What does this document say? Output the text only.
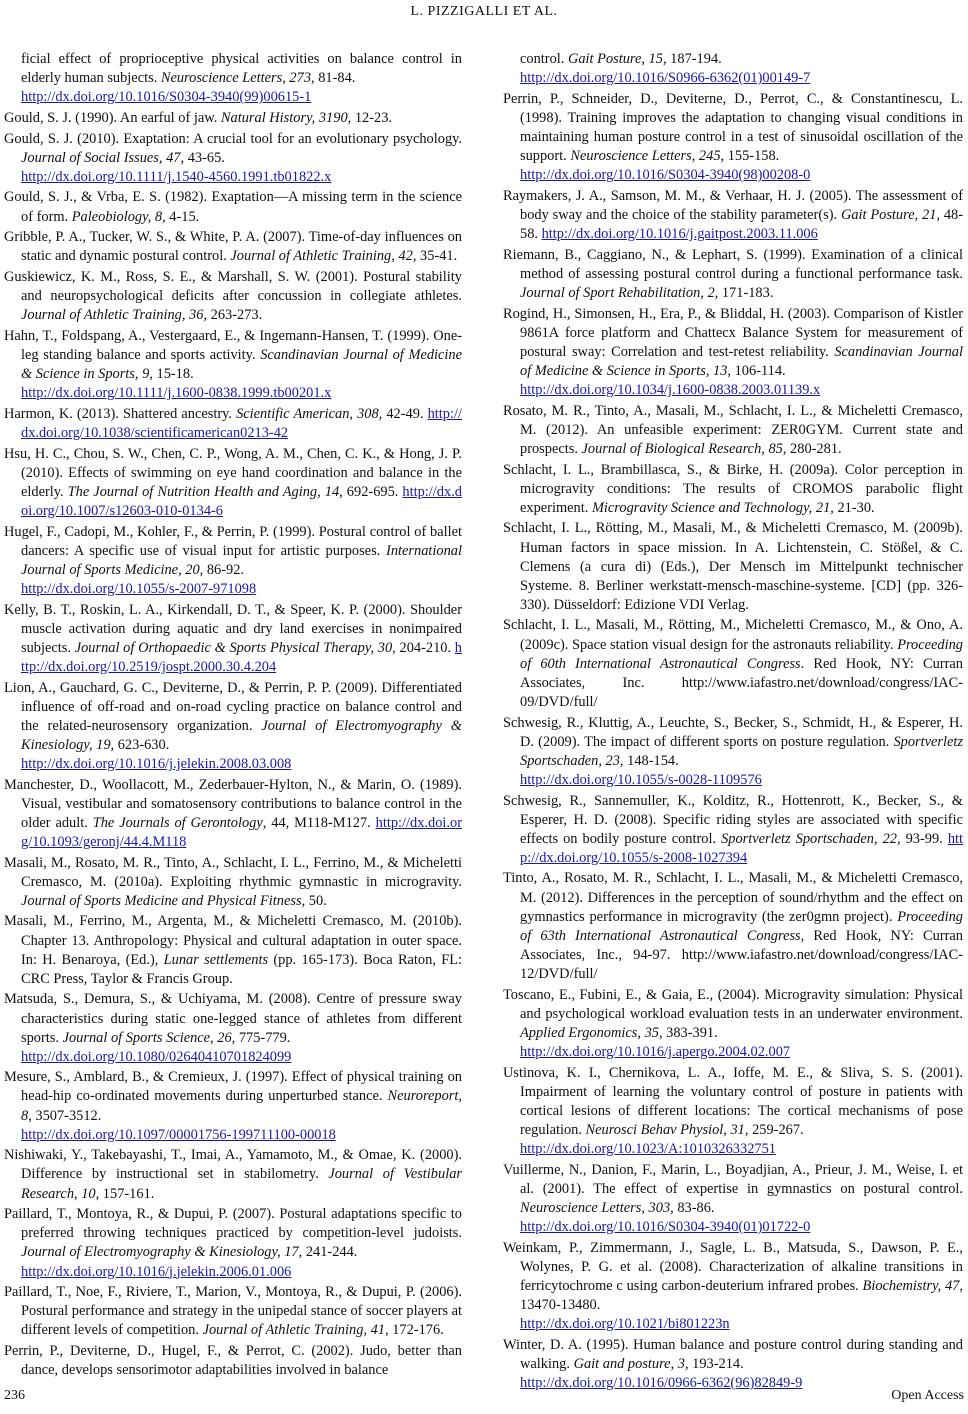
L. PIZZIGALLI ET AL.

ficial effect of proprioceptive physical activities on balance control in elderly human subjects. Neuroscience Letters, 273, 81-84.
http://dx.doi.org/10.1016/S0304-3940(99)00615-1

Gould, S. J. (1990). An earful of jaw. Natural History, 3190, 12-23.

Gould, S. J. (2010). Exaptation: A crucial tool for an evolutionary psychology. Journal of Social Issues, 47, 43-65.
http://dx.doi.org/10.1111/j.1540-4560.1991.tb01822.x

Gould, S. J., & Vrba, E. S. (1982). Exaptation—A missing term in the science of form. Paleobiology, 8, 4-15.

Gribble, P. A., Tucker, W. S., & White, P. A. (2007). Time-of-day influences on static and dynamic postural control. Journal of Athletic Training, 42, 35-41.

Guskiewicz, K. M., Ross, S. E., & Marshall, S. W. (2001). Postural stability and neuropsychological deficits after concussion in collegiate athletes. Journal of Athletic Training, 36, 263-273.

Hahn, T., Foldspang, A., Vestergaard, E., & Ingemann-Hansen, T. (1999). One-leg standing balance and sports activity. Scandinavian Journal of Medicine & Science in Sports, 9, 15-18.
http://dx.doi.org/10.1111/j.1600-0838.1999.tb00201.x

Harmon, K. (2013). Shattered ancestry. Scientific American, 308, 42-49. http://dx.doi.org/10.1038/scientificamerican0213-42

Hsu, H. C., Chou, S. W., Chen, C. P., Wong, A. M., Chen, C. K., & Hong, J. P. (2010). Effects of swimming on eye hand coordination and balance in the elderly. The Journal of Nutrition Health and Aging, 14, 692-695. http://dx.doi.org/10.1007/s12603-010-0134-6

Hugel, F., Cadopi, M., Kohler, F., & Perrin, P. (1999). Postural control of ballet dancers: A specific use of visual input for artistic purposes. International Journal of Sports Medicine, 20, 86-92.
http://dx.doi.org/10.1055/s-2007-971098

Kelly, B. T., Roskin, L. A., Kirkendall, D. T., & Speer, K. P. (2000). Shoulder muscle activation during aquatic and dry land exercises in nonimpaired subjects. Journal of Orthopaedic & Sports Physical Therapy, 30, 204-210. http://dx.doi.org/10.2519/jospt.2000.30.4.204

Lion, A., Gauchard, G. C., Deviterne, D., & Perrin, P. P. (2009). Differentiated influence of off-road and on-road cycling practice on balance control and the related-neurosensory organization. Journal of Electromyography & Kinesiology, 19, 623-630.
http://dx.doi.org/10.1016/j.jelekin.2008.03.008

Manchester, D., Woollacott, M., Zederbauer-Hylton, N., & Marin, O. (1989). Visual, vestibular and somatosensory contributions to balance control in the older adult. The Journals of Gerontology, 44, M118-M127. http://dx.doi.org/10.1093/geronj/44.4.M118

Masali, M., Rosato, M. R., Tinto, A., Schlacht, I. L., Ferrino, M., & Micheletti Cremasco, M. (2010a). Exploiting rhythmic gymnastic in microgravity. Journal of Sports Medicine and Physical Fitness, 50.

Masali, M., Ferrino, M., Argenta, M., & Micheletti Cremasco, M. (2010b). Chapter 13. Anthropology: Physical and cultural adaptation in outer space. In: H. Benaroya, (Ed.), Lunar settlements (pp. 165-173). Boca Raton, FL: CRC Press, Taylor & Francis Group.

Matsuda, S., Demura, S., & Uchiyama, M. (2008). Centre of pressure sway characteristics during static one-legged stance of athletes from different sports. Journal of Sports Science, 26, 775-779.
http://dx.doi.org/10.1080/02640410701824099

Mesure, S., Amblard, B., & Cremieux, J. (1997). Effect of physical training on head-hip co-ordinated movements during unperturbed stance. Neuroreport, 8, 3507-3512.
http://dx.doi.org/10.1097/00001756-199711100-00018

Nishiwaki, Y., Takebayashi, T., Imai, A., Yamamoto, M., & Omae, K. (2000). Difference by instructional set in stabilometry. Journal of Vestibular Research, 10, 157-161.

Paillard, T., Montoya, R., & Dupui, P. (2007). Postural adaptations specific to preferred throwing techniques practiced by competition-level judoists. Journal of Electromyography & Kinesiology, 17, 241-244.
http://dx.doi.org/10.1016/j.jelekin.2006.01.006

Paillard, T., Noe, F., Riviere, T., Marion, V., Montoya, R., & Dupui, P. (2006). Postural performance and strategy in the unipedal stance of soccer players at different levels of competition. Journal of Athletic Training, 41, 172-176.

Perrin, P., Deviterne, D., Hugel, F., & Perrot, C. (2002). Judo, better than dance, develops sensorimotor adaptabilities involved in balance

control. Gait Posture, 15, 187-194.
http://dx.doi.org/10.1016/S0966-6362(01)00149-7

Perrin, P., Schneider, D., Deviterne, D., Perrot, C., & Constantinescu, L. (1998). Training improves the adaptation to changing visual conditions in maintaining human posture control in a test of sinusoidal oscillation of the support. Neuroscience Letters, 245, 155-158.
http://dx.doi.org/10.1016/S0304-3940(98)00208-0

Raymakers, J. A., Samson, M. M., & Verhaar, H. J. (2005). The assessment of body sway and the choice of the stability parameter(s). Gait Posture, 21, 48-58. http://dx.doi.org/10.1016/j.gaitpost.2003.11.006

Riemann, B., Caggiano, N., & Lephart, S. (1999). Examination of a clinical method of assessing postural control during a functional performance task. Journal of Sport Rehabilitation, 2, 171-183.

Rogind, H., Simonsen, H., Era, P., & Bliddal, H. (2003). Comparison of Kistler 9861A force platform and Chattecx Balance System for measurement of postural sway: Correlation and test-retest reliability. Scandinavian Journal of Medicine & Science in Sports, 13, 106-114.
http://dx.doi.org/10.1034/j.1600-0838.2003.01139.x

Rosato, M. R., Tinto, A., Masali, M., Schlacht, I. L., & Micheletti Cremasco, M. (2012). An unfeasible experiment: ZER0GYM. Current state and prospects. Journal of Biological Research, 85, 280-281.

Schlacht, I. L., Brambillasca, S., & Birke, H. (2009a). Color perception in microgravity conditions: The results of CROMOS parabolic flight experiment. Microgravity Science and Technology, 21, 21-30.

Schlacht, I. L., Rötting, M., Masali, M., & Micheletti Cremasco, M. (2009b). Human factors in space mission. In A. Lichtenstein, C. Stößel, & C. Clemens (a cura di) (Eds.), Der Mensch im Mittelpunkt technischer Systeme. 8. Berliner werkstatt-mensch-maschine-systeme. [CD] (pp. 326-330). Düsseldorf: Edizione VDI Verlag.

Schlacht, I. L., Masali, M., Rötting, M., Micheletti Cremasco, M., & Ono, A. (2009c). Space station visual design for the astronauts reliability. Proceeding of 60th International Astronautical Congress. Red Hook, NY: Curran Associates, Inc. http://www.iafastro.net/download/congress/IAC-09/DVD/full/

Schwesig, R., Kluttig, A., Leuchte, S., Becker, S., Schmidt, H., & Esperer, H. D. (2009). The impact of different sports on posture regulation. Sportverletz Sportschaden, 23, 148-154.
http://dx.doi.org/10.1055/s-0028-1109576

Schwesig, R., Sannemuller, K., Kolditz, R., Hottenrott, K., Becker, S., & Esperer, H. D. (2008). Specific riding styles are associated with specific effects on bodily posture control. Sportverletz Sportschaden, 22, 93-99. http://dx.doi.org/10.1055/s-2008-1027394

Tinto, A., Rosato, M. R., Schlacht, I. L., Masali, M., & Micheletti Cremasco, M. (2012). Differences in the perception of sound/rhythm and the effect on gymnastics performance in microgravity (the zer0gmn project). Proceeding of 63th International Astronautical Congress, Red Hook, NY: Curran Associates, Inc., 94-97. http://www.iafastro.net/download/congress/IAC-12/DVD/full/

Toscano, E., Fubini, E., & Gaia, E., (2004). Microgravity simulation: Physical and psychological workload evaluation tests in an underwater environment. Applied Ergonomics, 35, 383-391.
http://dx.doi.org/10.1016/j.apergo.2004.02.007

Ustinova, K. I., Chernikova, L. A., Ioffe, M. E., & Sliva, S. S. (2001). Impairment of learning the voluntary control of posture in patients with cortical lesions of different locations: The cortical mechanisms of pose regulation. Neurosci Behav Physiol, 31, 259-267.
http://dx.doi.org/10.1023/A:1010326332751

Vuillerme, N., Danion, F., Marin, L., Boyadjian, A., Prieur, J. M., Weise, I. et al. (2001). The effect of expertise in gymnastics on postural control. Neuroscience Letters, 303, 83-86.
http://dx.doi.org/10.1016/S0304-3940(01)01722-0

Weinkam, P., Zimmermann, J., Sagle, L. B., Matsuda, S., Dawson, P. E., Wolynes, P. G. et al. (2008). Characterization of alkaline transitions in ferricytochrome c using carbon-deuterium infrared probes. Biochemistry, 47, 13470-13480.
http://dx.doi.org/10.1021/bi801223n

Winter, D. A. (1995). Human balance and posture control during standing and walking. Gait and posture, 3, 193-214.
http://dx.doi.org/10.1016/0966-6362(96)82849-9

236	Open Access
